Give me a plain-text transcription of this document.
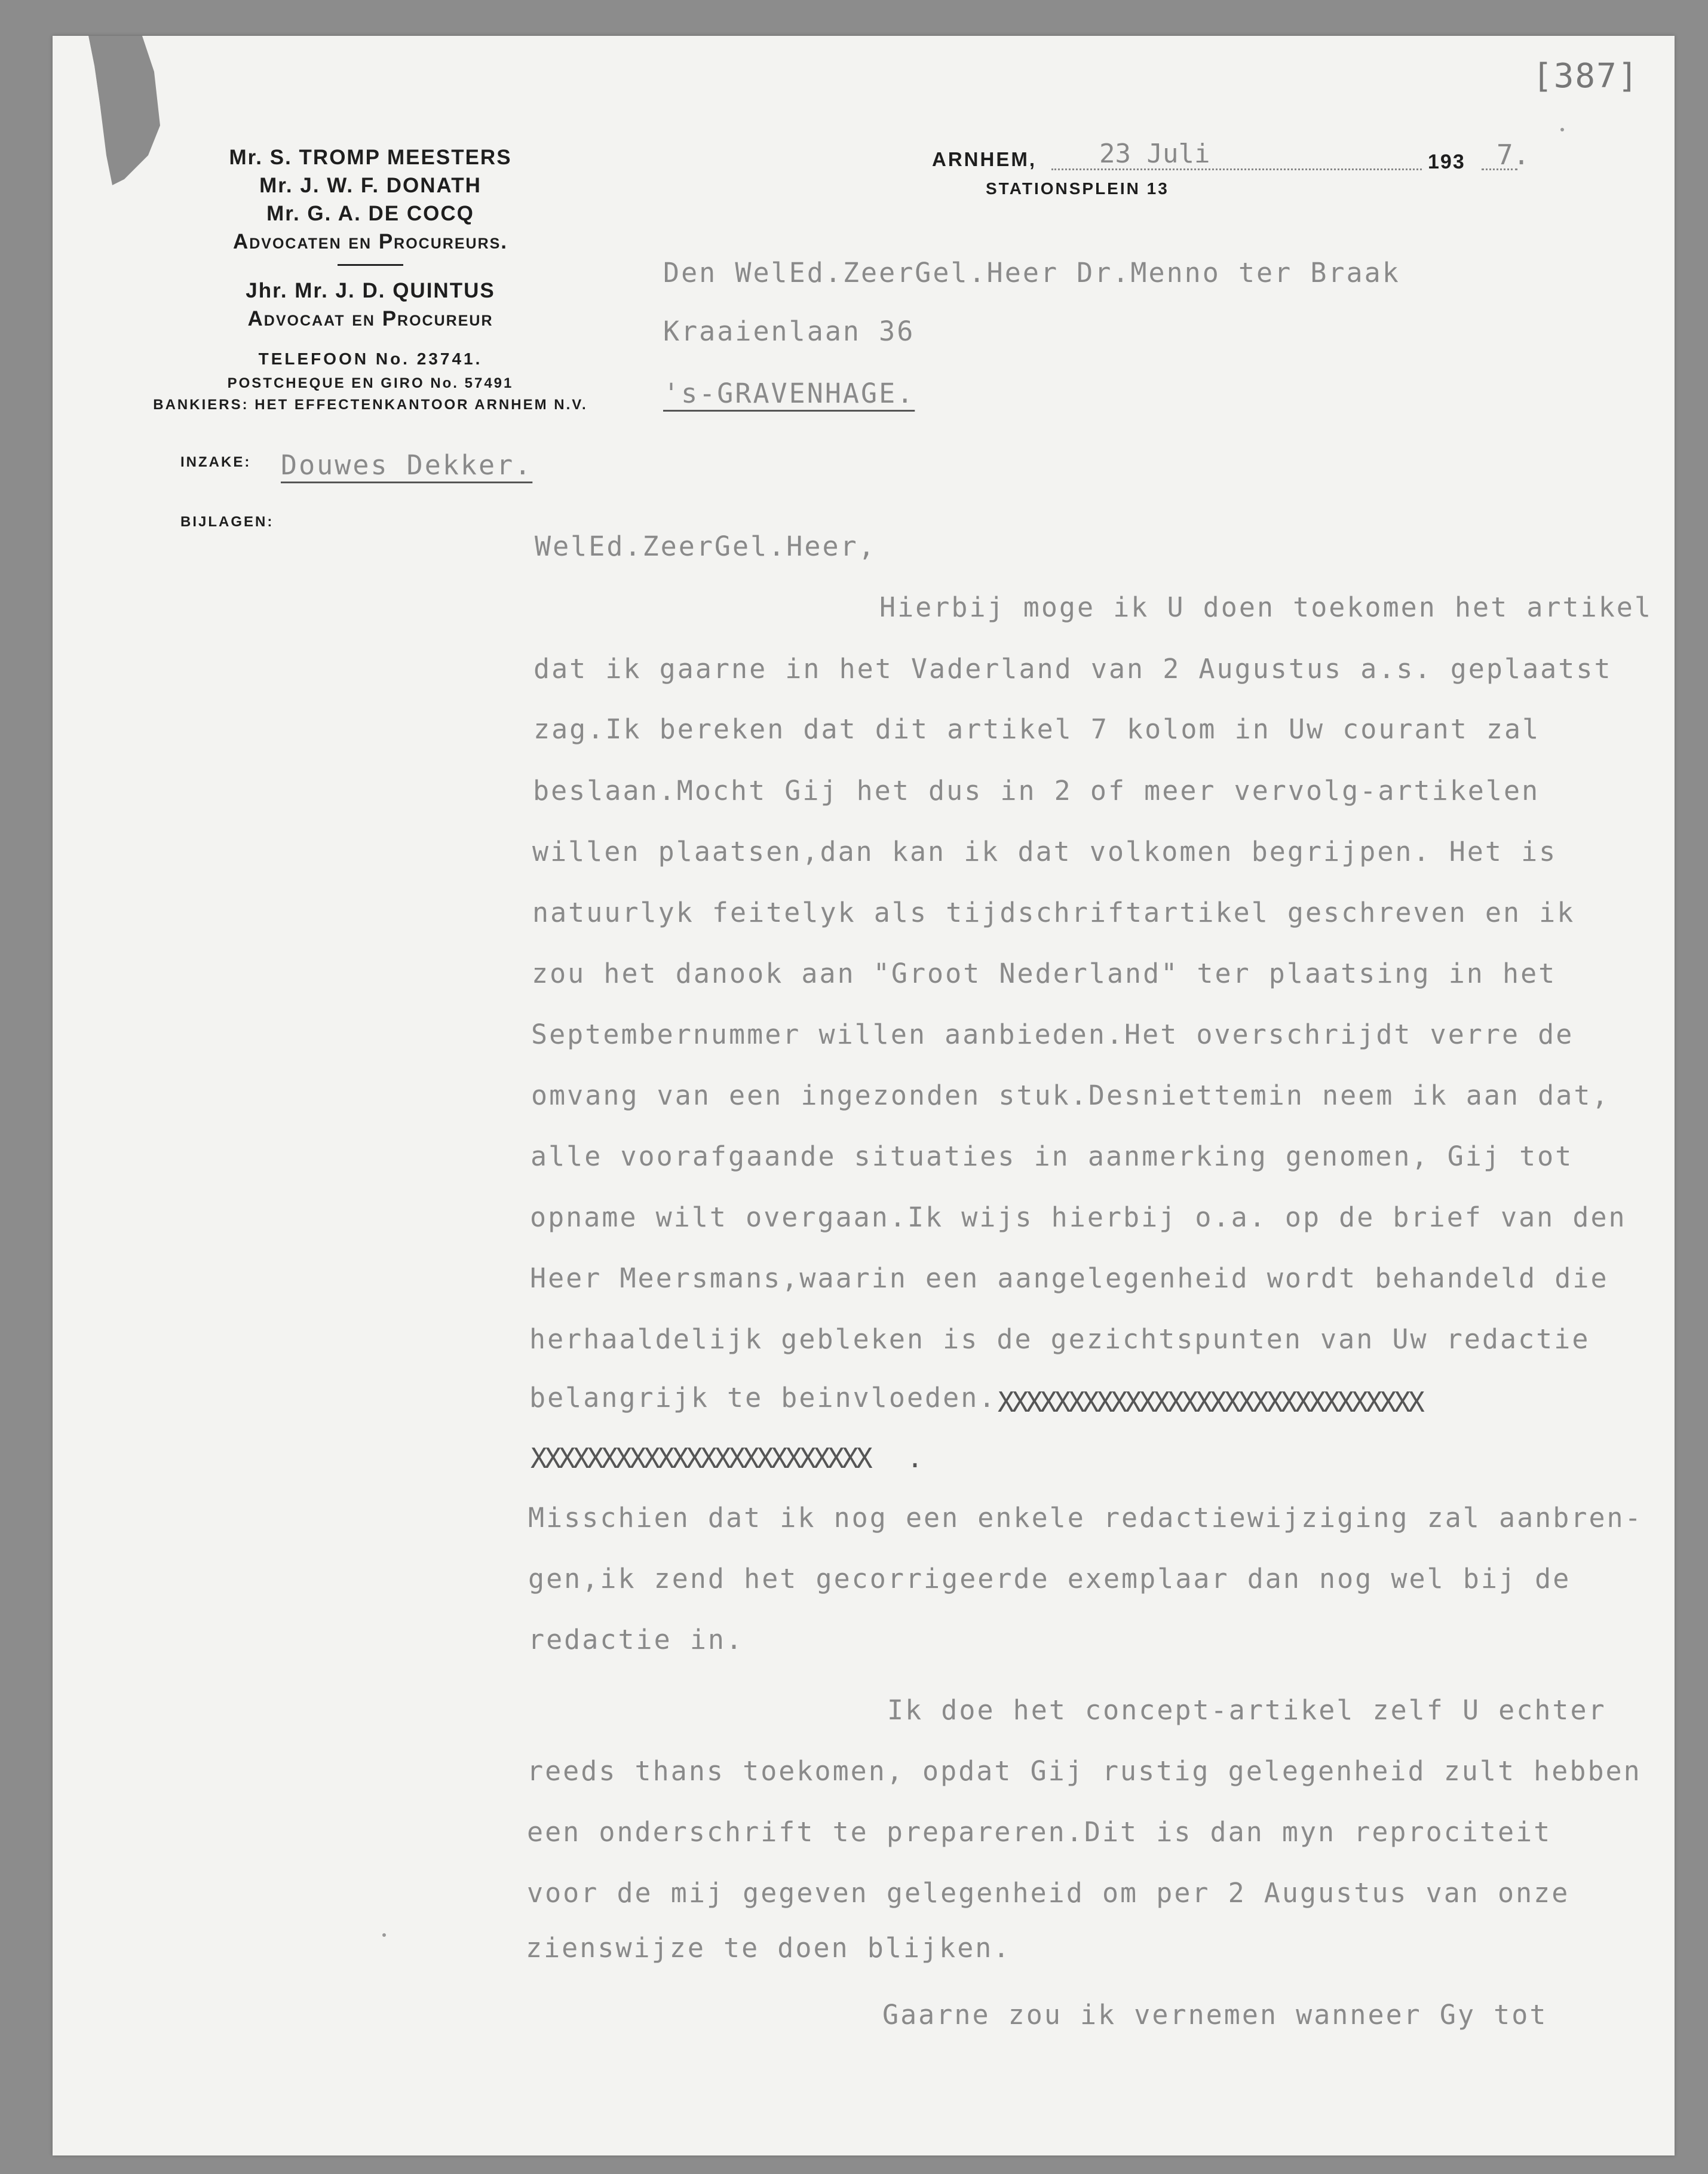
[387]
Mr. S. TROMP MEESTERS
Mr. J. W. F. DONATH
Mr. G. A. DE COCQ
Advocaten en Procureurs.
Jhr. Mr. J. D. QUINTUS
Advocaat en Procureur
TELEFOON No. 23741.
POSTCHEQUE EN GIRO No. 57491
BANKIERS: HET EFFECTENKANTOOR ARNHEM N.V.
ARNHEM, 23 Juli	193 7.
STATIONSPLEIN 13
Den WelEd.ZeerGel.Heer Dr.Menno ter Braak
Kraaienlaan 36
's-GRAVENHAGE.
INZAKE: Douwes Dekker.
BIJLAGEN:
WelEd.ZeerGel.Heer,
Hierbij moge ik U doen toekomen het artikel
dat ik gaarne in het Vaderland van 2 Augustus a.s. geplaatst
zag.Ik bereken dat dit artikel 7 kolom in Uw courant zal
beslaan.Mocht Gij het dus in 2 of meer vervolg-artikelen
willen plaatsen,dan kan ik dat volkomen begrijpen. Het is
natuurlyk feitelyk als tijdschriftartikel geschreven en ik
zou het danook aan "Groot Nederland" ter plaatsing in het
Septembernummer willen aanbieden.Het overschrijdt verre de
omvang van een ingezonden stuk.Desniettemin neem ik aan dat,
alle voorafgaande situaties in aanmerking genomen, Gij tot
opname wilt overgaan.Ik wijs hierbij o.a. op de brief van den
Heer Meersmans,waarin een aangelegenheid wordt behandeld die
herhaaldelijk gebleken is de gezichtspunten van Uw redactie
belangrijk te beinvloeden. XXXXXXXXXXXXXXXXXXXXXXXXXXXXXX
XXXXXXXXXXXXXXXXXXXXXXXX .
Misschien dat ik nog een enkele redactiewijziging zal aanbren-
gen,ik zend het gecorrigeerde exemplaar dan nog wel bij de
redactie in.
Ik doe het concept-artikel zelf U echter
reeds thans toekomen, opdat Gij rustig gelegenheid zult hebben
een onderschrift te prepareren.Dit is dan myn reprociteit
voor de mij gegeven gelegenheid om per 2 Augustus van onze
zienswijze te doen blijken.
Gaarne zou ik vernemen wanneer Gy tot
